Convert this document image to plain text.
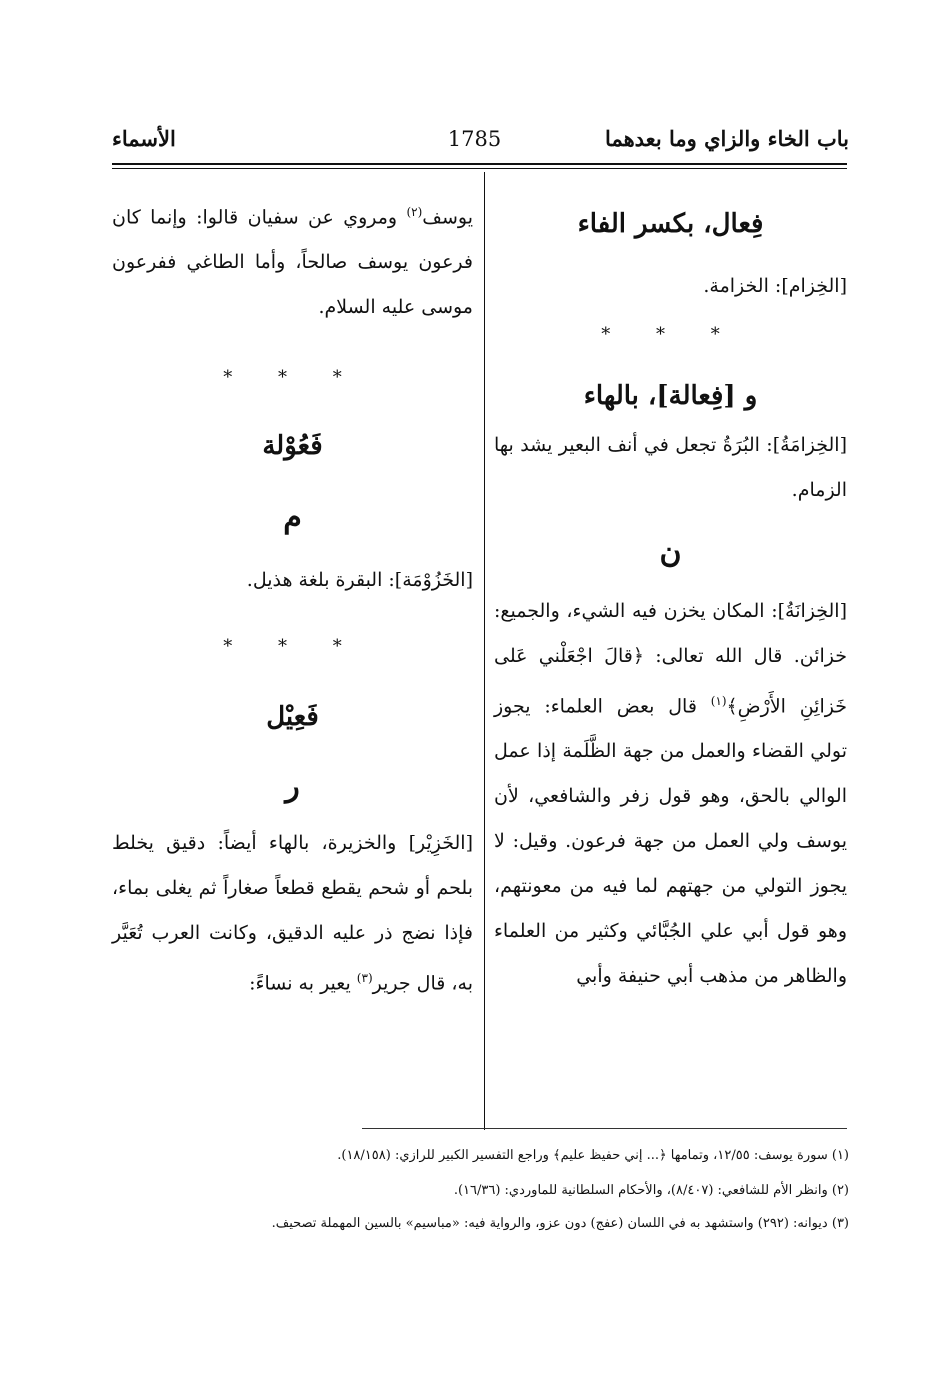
باب الخاء والزاي وما بعدهما
1785
الأسماء
فِعال، بكسر الفاء

[الخِزام]: الخزامة.

* * *
و [فِعالة]، بالهاء

[الخِزامَةُ]: البُرَةُ تجعل في أنف البعير يشد بها الزمام.

ن

[الخِزانَةُ]: المكان يخزن فيه الشيء، والجميع: خزائن. قال الله تعالى: ﴿قالَ اجْعَلْني عَلى خَزائِنِ الأَرْضِ﴾$^{(١)}$ قال بعض العلماء: يجوز تولي القضاء والعمل من جهة الظَّلَمة إذا عمل الوالي بالحق، وهو قول زفر والشافعي، لأن يوسف ولي العمل من جهة فرعون. وقيل: لا يجوز التولي من جهتهم لما فيه من معونتهم، وهو قول أبي علي الجُبَّائي وكثير من العلماء والظاهر من مذهب أبي حنيفة وأبي

يوسف$^{(٢)}$ ومروي عن سفيان قالوا: وإنما كان فرعون يوسف صالحاً، وأما الطاغي ففرعون موسى عليه السلام.

* * *
فَعُوْلة
م

[الخَزُوْمَة]: البقرة بلغة هذيل.

* * *
فَعِيْل
ر

[الخَزِيْر] والخزيرة، بالهاء أيضاً: دقيق يخلط بلحم أو شحم يقطع قطعاً صغاراً ثم يغلى بماء، فإذا نضج ذر عليه الدقيق، وكانت العرب تُعَيَّر به، قال جرير$^{(٣)}$ يعير به نساءً:

(١) سورة يوسف: ١٢/٥٥، وتمامها ﴿... إني حفيظ عليم﴾ وراجع التفسير الكبير للرازي: (١٨/١٥٨).
(٢) وانظر الأم للشافعي: (٨/٤٠٧)، والأحكام السلطانية للماوردي: (١٦/٣٦).
(٣) ديوانه: (٢٩٢) واستشهد به في اللسان (عفج) دون عزو، والرواية فيه: «مباسيم» بالسين المهملة تصحيف.
